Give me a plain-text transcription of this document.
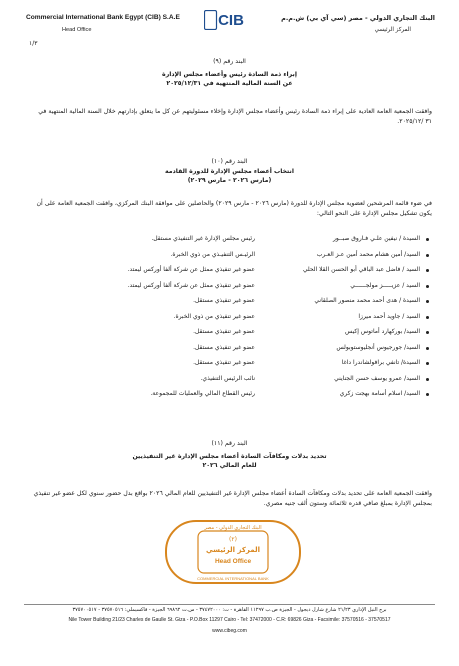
Commercial International Bank Egypt (CIB) S.A.E
Head Office
البنك التجاري الدولي - مصر (سي آي بي) ش.م.م
المركز الرئيسي
١/٣
CIB
البند رقم (٩)
إبراء ذمة السادة رئيس وأعضاء مجلس الإدارة
عن السنة المالية المنتهية في ٢٠٢٥/١٢/٣١
وافقت الجمعية العامة العادية على إبراء ذمة السادة رئيس وأعضاء مجلس الإدارة وإخلاء مسئوليتهم عن كل ما يتعلق بإدارتهم خلال السنة المالية المنتهية في ٣١ /٢٠٢٥/١٢.
البند رقم (١٠)
انتخاب أعضاء مجلس الإدارة للدورة القادمة
(مارس ٢٠٢٦ - مارس ٢٠٢٩)
في ضوء قائمة المرشحين لعضوية مجلس الإدارة للدورة (مارس ٢٠٢٦ - مارس ٢٠٢٩) والحاصلين على موافقة البنك المركزي، وافقت الجمعية العامة على أن يكون تشكيل مجلس الإدارة على النحو التالي:
السيدة / نيفين علـي فـاروق صبــور
رئيس مجلس الإدارة غير التنفيذي مستقل.
السيد/ أمين هشام محمد أمين عـز العـرب
الرئيـس التنفيـذي من ذوي الخبرة.
السيد / فاضل عبد الباقي أبو الحسن القلا الحلي
عضو غير تنفيذي ممثل عن شركة ألفا أوركس ليمتد.
السيد / عزيـــــز مولجــــــي
عضو غير تنفيذي ممثل عن شركة ألفا أوركس ليمتد.
السيدة / هدى أحمد محمد منصور الصلقاني
عضو غير تنفيذي مستقل.
السيد / جاويد أحمد ميرزا
عضو غير تنفيذي من ذوي الخبرة.
السيد/ بوركهارد أماتوس إكيس
عضو غير تنفيذي مستقل.
السيد/ جورجيوس أنجليوستوبولس
عضو غير تنفيذي مستقل.
السيدة/ تانفي برافولشاندرا داغا
عضو غير تنفيذي مستقل.
السيد/ عمرو يوسف حسن الجنايني
نائب الرئيس التنفيذي.
السيد/ اسلام أسامة بهجت زكري
رئيس القطاع المالي والعمليات للمجموعة.
البند رقم (١١)
تحديد بدلات ومكافآت السادة أعضاء مجلس الإدارة غير التنفيذيين
للعام المالي ٢٠٢٦
وافقت الجمعية العامة على تحديد بدلات ومكافآت السادة أعضاء مجلس الإدارة غير التنفيذيين للعام المالي ٢٠٢٦ بواقع بدل حضور سنوي لكل عضو غير تنفيذي بمجلس الإدارة بمبلغ صافي قدره ثلاثمائة وستون ألف جنيه مصري.
البنك التجاري الدولي - مصر
(٢)
المركز الرئيسي
Head Office
COMMERCIAL INTERNATIONAL BANK
برج النيل الإداري ٢١/٢٣ شارع شارل ديجول - الجيزة ص.ب ١١٢٩٧ القاهرة - ت: ٣٧٤٧٢٠٠٠ - س.ت ٦٩٨٦٢ الجيزة - فاكسيملي: ٣٧٥٧٠٥١٦ - ٣٧٥٧٠٠٥١٧
Nile Tower Building 21/23 Charles de Gaulle St. Giza - P.O.Box 11297 Cairo - Tel: 37472000 - C.R: 69826 Giza - Facsimile: 37570516 - 37570517
www.cibeg.com
